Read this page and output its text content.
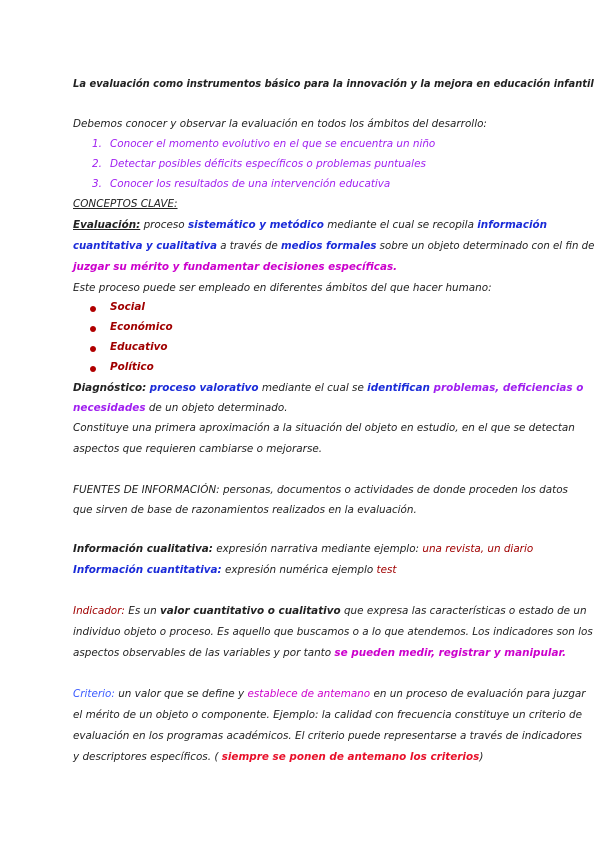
La evaluación como instrumentos básico para la innovación y la mejora en educación infantil
Debemos conocer y observar la evaluación en todos los ámbitos del desarrollo:
1. Conocer el momento evolutivo en el que se encuentra un niño
2. Detectar posibles déficits específicos o problemas puntuales
3. Conocer los resultados de una intervención educativa
CONCEPTOS CLAVE:
Evaluación: proceso sistemático y metódico mediante el cual se recopila información
cuantitativa y cualitativa a través de medios formales sobre un objeto determinado con el fin de
juzgar su mérito y fundamentar decisiones específicas.
Este proceso puede ser empleado en diferentes ámbitos del que hacer humano:
Social
Económico
Educativo
Político
Diagnóstico: proceso valorativo mediante el cual se identifican problemas, deficiencias o
necesidades de un objeto determinado.
Constituye una primera aproximación a la situación del objeto en estudio, en el que se detectan
aspectos que requieren cambiarse o mejorarse.
FUENTES DE INFORMACIÓN: personas, documentos o actividades de donde proceden los datos
que sirven de base de razonamientos realizados en la evaluación.
Información cualitativa: expresión narrativa mediante ejemplo: una revista, un diario
Información cuantitativa: expresión numérica ejemplo test
Indicador: Es un valor cuantitativo o cualitativo que expresa las características o estado de un
individuo objeto o proceso. Es aquello que buscamos o a lo que atendemos. Los indicadores son los
aspectos observables de las variables y por tanto se pueden medir, registrar y manipular.
Criterio: un valor que se define y establece de antemano en un proceso de evaluación para juzgar
el mérito de un objeto o componente. Ejemplo: la calidad con frecuencia constituye un criterio de
evaluación en los programas académicos. El criterio puede representarse a través de indicadores
y descriptores específicos. ( siempre se ponen de antemano los criterios)
